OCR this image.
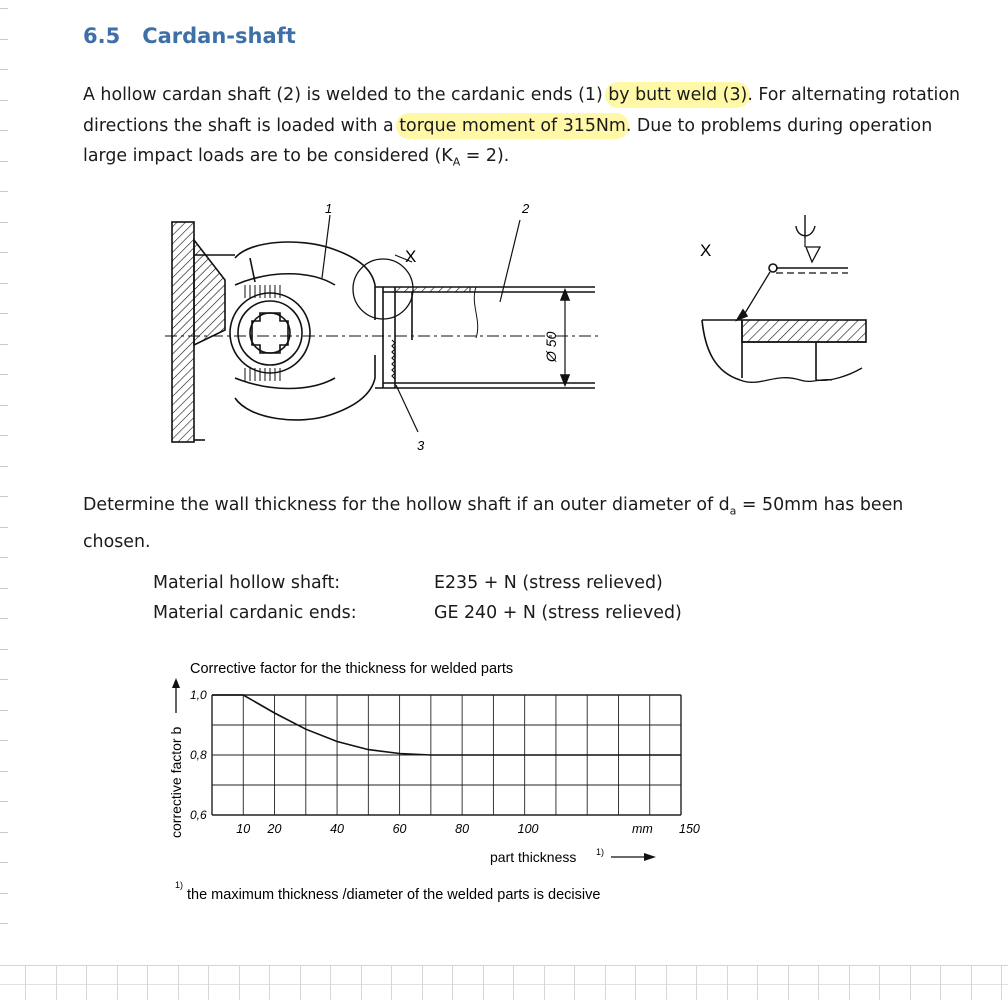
6.5 Cardan-shaft

A hollow cardan shaft (2) is welded to the cardanic ends (1) by butt weld (3). For alternating rotation
directions the shaft is loaded with a torque moment of 315Nm. Due to problems during operation
large impact loads are to be considered $(K_A = 2)$.

1	2
3
X
Ø 50
X

Determine the wall thickness for the hollow shaft if an outer diameter of $d_a = 50mm$ has been
chosen.

Material hollow shaft:	E235 + N (stress relieved)
Material cardanic ends:	GE 240 + N (stress relieved)
Corrective factor for the thickness for welded parts
corrective factor b
part thickness 1)
mm
1)
the maximum thickness /diameter of the welded parts is decisive
10 20	40	60	80	100	150
1,0
0,8
0,6
